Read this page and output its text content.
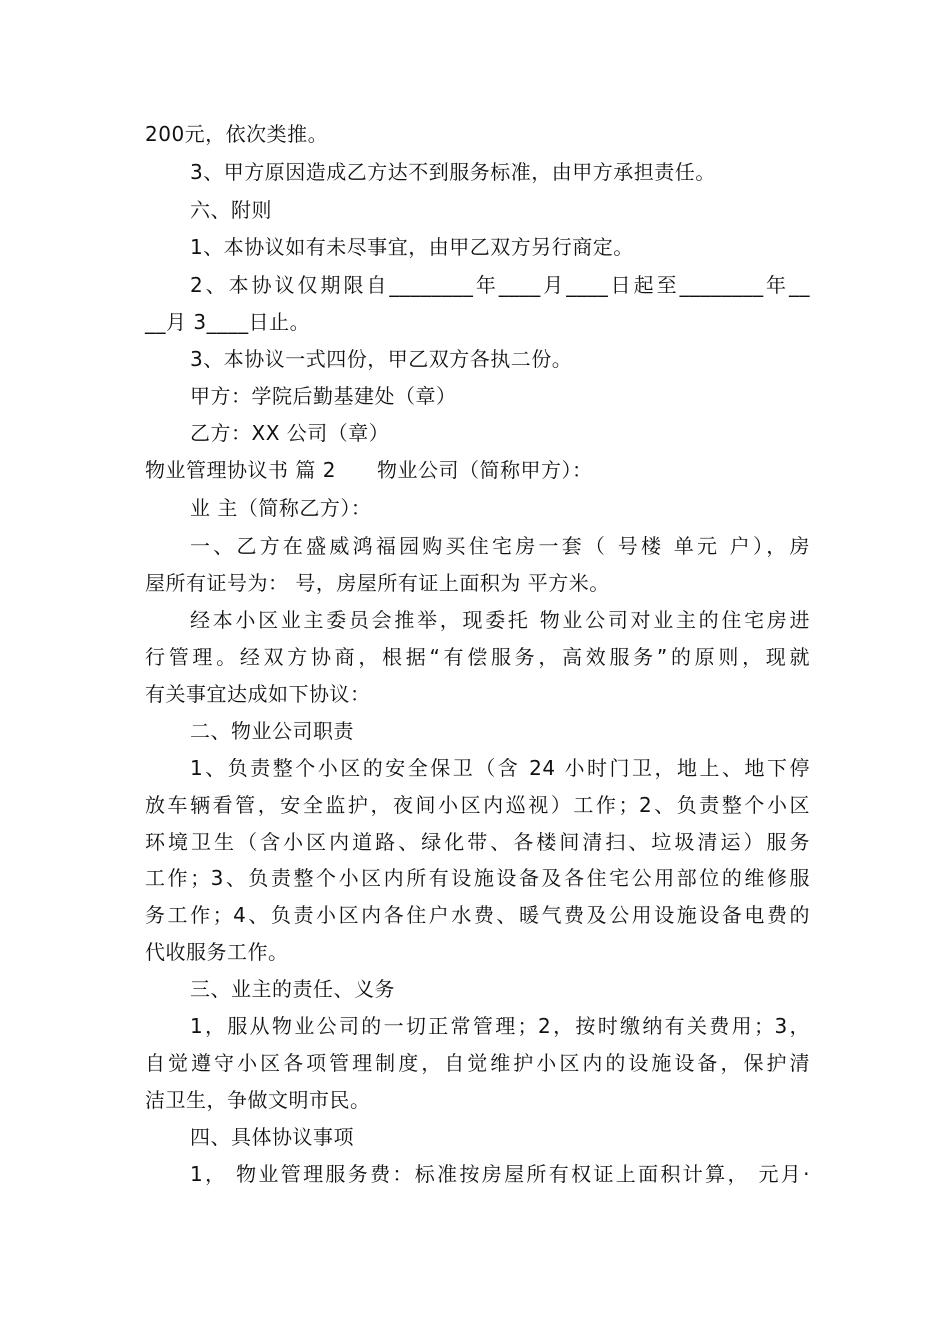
200元，依次类推。
3、甲方原因造成乙方达不到服务标准，由甲方承担责任。
六、附则
1、本协议如有未尽事宜，由甲乙双方另行商定。
2、本协议仅期限自________年____月____日起至________年__
__月 3____日止。
3、本协议一式四份，甲乙双方各执二份。
甲方：学院后勤基建处（章）
乙方：XX 公司（章）
物业管理协议书 篇 2　　物业公司（简称甲方）：
业 主（简称乙方）：
一、乙方在盛威鸿福园购买住宅房一套（ 号楼 单元 户），房
屋所有证号为： 号，房屋所有证上面积为 平方米。
经本小区业主委员会推举，现委托 物业公司对业主的住宅房进
行管理。经双方协商，根据“有偿服务，高效服务”的原则，现就
有关事宜达成如下协议：
二、物业公司职责
1、负责整个小区的安全保卫（含 24 小时门卫，地上、地下停
放车辆看管，安全监护，夜间小区内巡视）工作；2、负责整个小区
环境卫生（含小区内道路、绿化带、各楼间清扫、垃圾清运）服务
工作；3、负责整个小区内所有设施设备及各住宅公用部位的维修服
务工作；4、负责小区内各住户水费、暖气费及公用设施设备电费的
代收服务工作。
三、业主的责任、义务
1，服从物业公司的一切正常管理；2，按时缴纳有关费用；3，
自觉遵守小区各项管理制度，自觉维护小区内的设施设备，保护清
洁卫生，争做文明市民。
四、具体协议事项
1， 物业管理服务费：标准按房屋所有权证上面积计算， 元月·
